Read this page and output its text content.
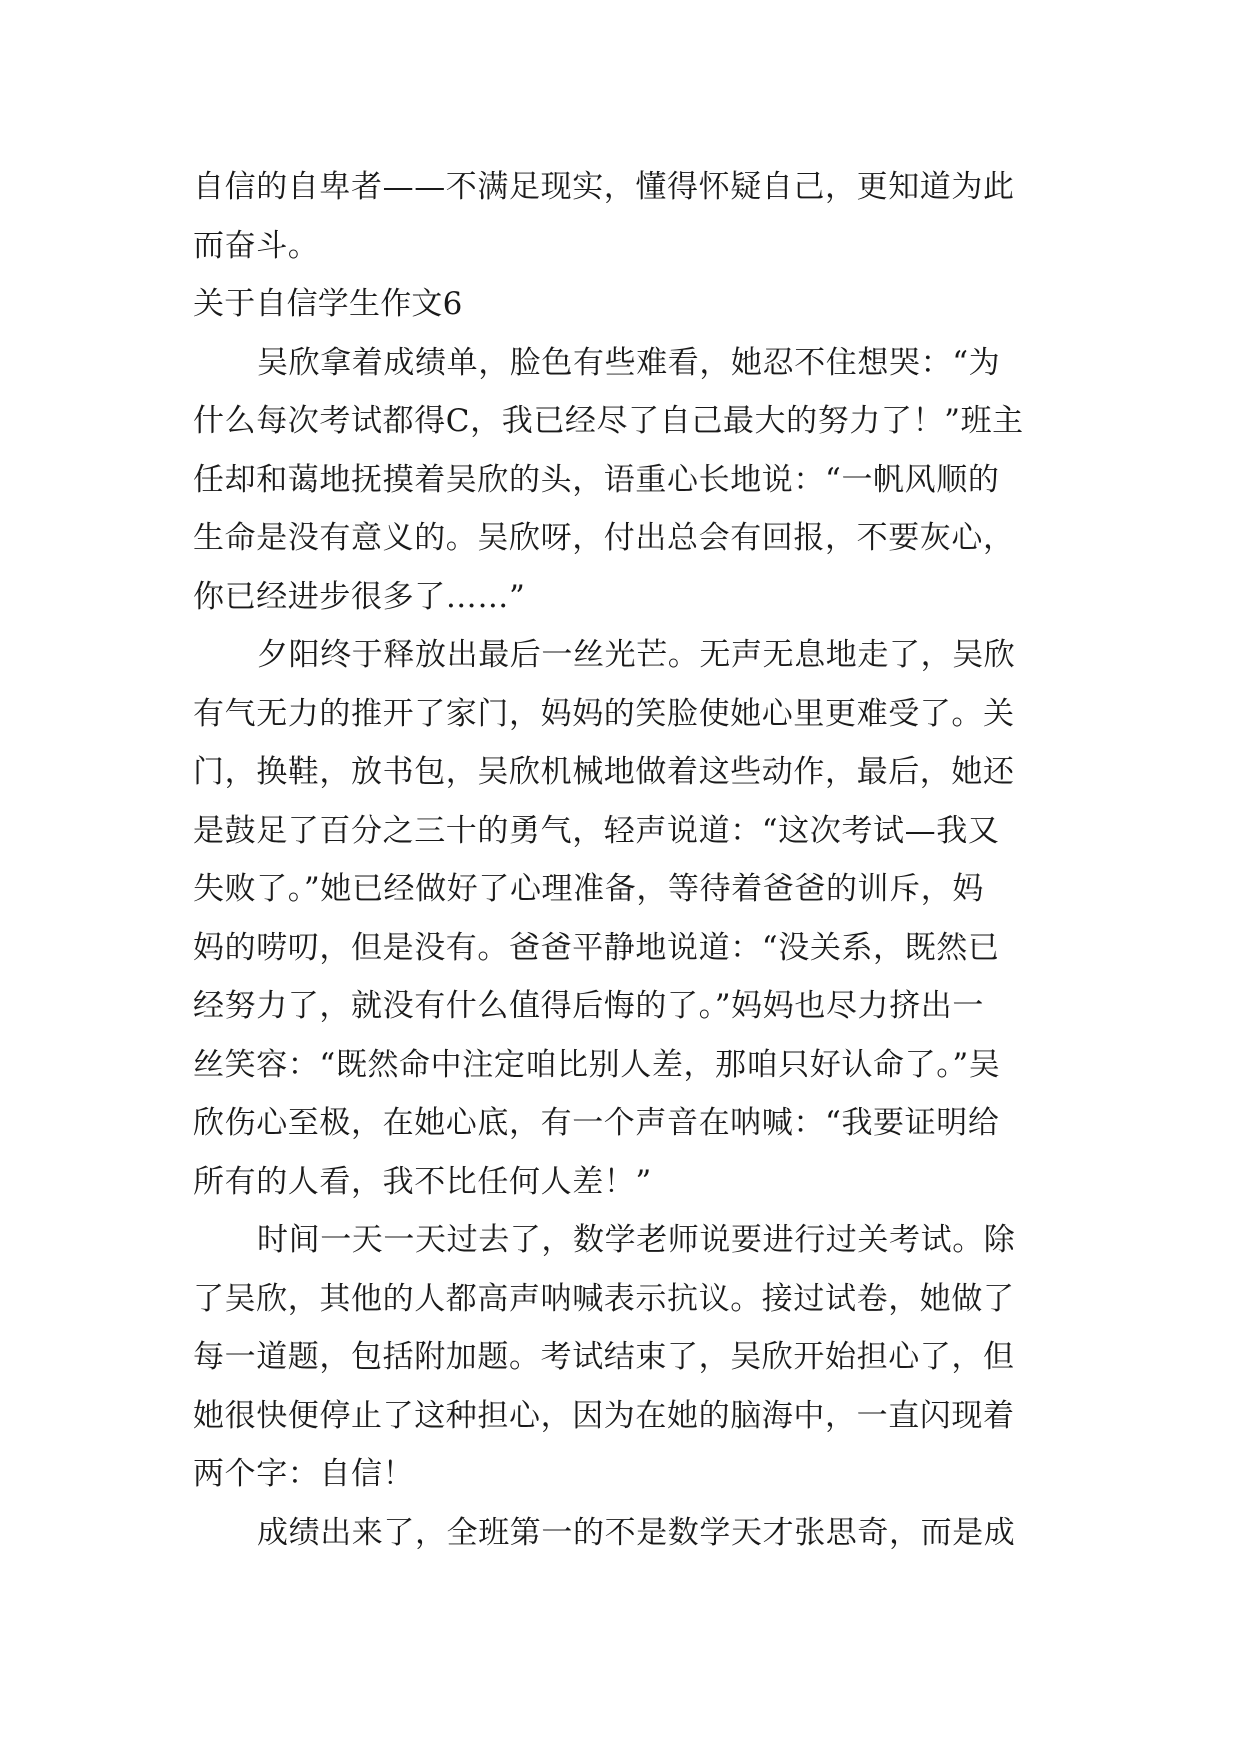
自信的自卑者——不满足现实，懂得怀疑自己，更知道为此
而奋斗。
关于自信学生作文6
吴欣拿着成绩单，脸色有些难看，她忍不住想哭：“为
什么每次考试都得C，我已经尽了自己最大的努力了！”班主
任却和蔼地抚摸着吴欣的头，语重心长地说：“一帆风顺的
生命是没有意义的。吴欣呀，付出总会有回报，不要灰心，
你已经进步很多了……”
夕阳终于释放出最后一丝光芒。无声无息地走了，吴欣
有气无力的推开了家门，妈妈的笑脸使她心里更难受了。关
门，换鞋，放书包，吴欣机械地做着这些动作，最后，她还
是鼓足了百分之三十的勇气，轻声说道：“这次考试—我又
失败了。”她已经做好了心理准备，等待着爸爸的训斥，妈
妈的唠叨，但是没有。爸爸平静地说道：“没关系，既然已
经努力了，就没有什么值得后悔的了。”妈妈也尽力挤出一
丝笑容：“既然命中注定咱比别人差，那咱只好认命了。”吴
欣伤心至极，在她心底，有一个声音在呐喊：“我要证明给
所有的人看，我不比任何人差！”
时间一天一天过去了，数学老师说要进行过关考试。除
了吴欣，其他的人都高声呐喊表示抗议。接过试卷，她做了
每一道题，包括附加题。考试结束了，吴欣开始担心了，但
她很快便停止了这种担心，因为在她的脑海中，一直闪现着
两个字：自信！
成绩出来了，全班第一的不是数学天才张思奇，而是成
